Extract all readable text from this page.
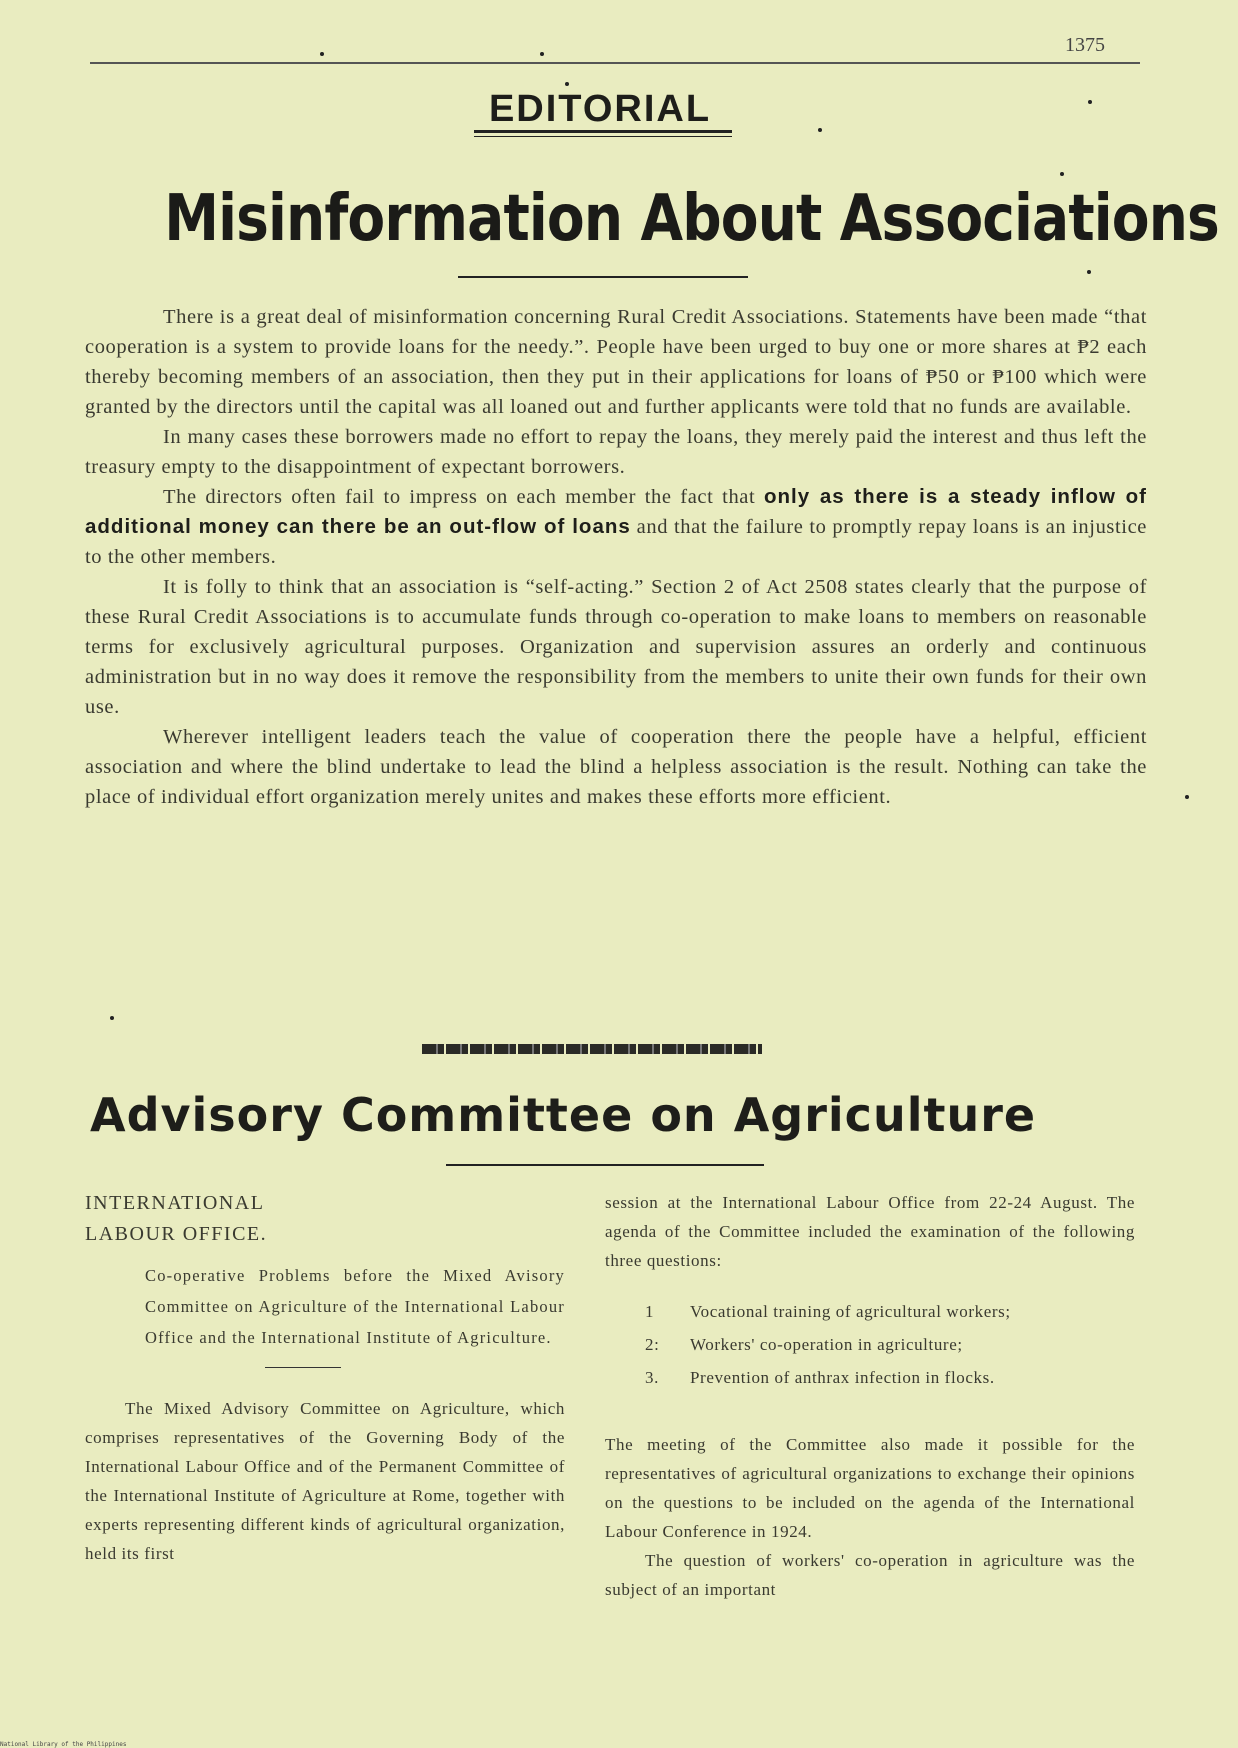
1375
EDITORIAL
Misinformation About Associations

There is a great deal of misinformation concerning Rural Credit Associations. Statements have been made “that cooperation is a system to provide loans for the needy.”. People have been urged to buy one or more shares at ₱2 each thereby becoming members of an association, then they put in their applications for loans of ₱50 or ₱100 which were granted by the directors until the capital was all loaned out and further applicants were told that no funds are available.

In many cases these borrowers made no effort to repay the loans, they merely paid the interest and thus left the treasury empty to the disappointment of expectant borrowers.

The directors often fail to impress on each member the fact that only as there is a steady inflow of additional money can there be an out-flow of loans and that the failure to promptly repay loans is an injustice to the other members.

It is folly to think that an association is “self-acting.” Section 2 of Act 2508 states clearly that the purpose of these Rural Credit Associations is to accumulate funds through co-operation to make loans to members on reasonable terms for exclusively agricultural purposes. Organization and supervision assures an orderly and continuous administration but in no way does it remove the responsibility from the members to unite their own funds for their own use.

Wherever intelligent leaders teach the value of cooperation there the people have a helpful, efficient association and where the blind undertake to lead the blind a helpless association is the result. Nothing can take the place of individual effort organization merely unites and makes these efforts more efficient.

Advisory Committee on Agriculture
INTERNATIONAL
LABOUR OFFICE.
Co-operative Problems before the Mixed Avisory Committee on Agriculture of the International Labour Office and the International Institute of Agriculture.

The Mixed Advisory Committee on Agriculture, which comprises representatives of the Governing Body of the International Labour Office and of the Permanent Committee of the International Institute of Agriculture at Rome, together with experts representing different kinds of agricultural organization, held its first

session at the International Labour Office from 22-24 August. The agenda of the Committee included the examination of the following three questions:

1 Vocational training of agricultural workers;
2: Workers' co-operation in agriculture;
3. Prevention of anthrax infection in flocks.

The meeting of the Committee also made it possible for the representatives of agricultural organizations to exchange their opinions on the questions to be included on the agenda of the International Labour Conference in 1924.

The question of workers' co-operation in agriculture was the subject of an important

National Library of the Philippines
